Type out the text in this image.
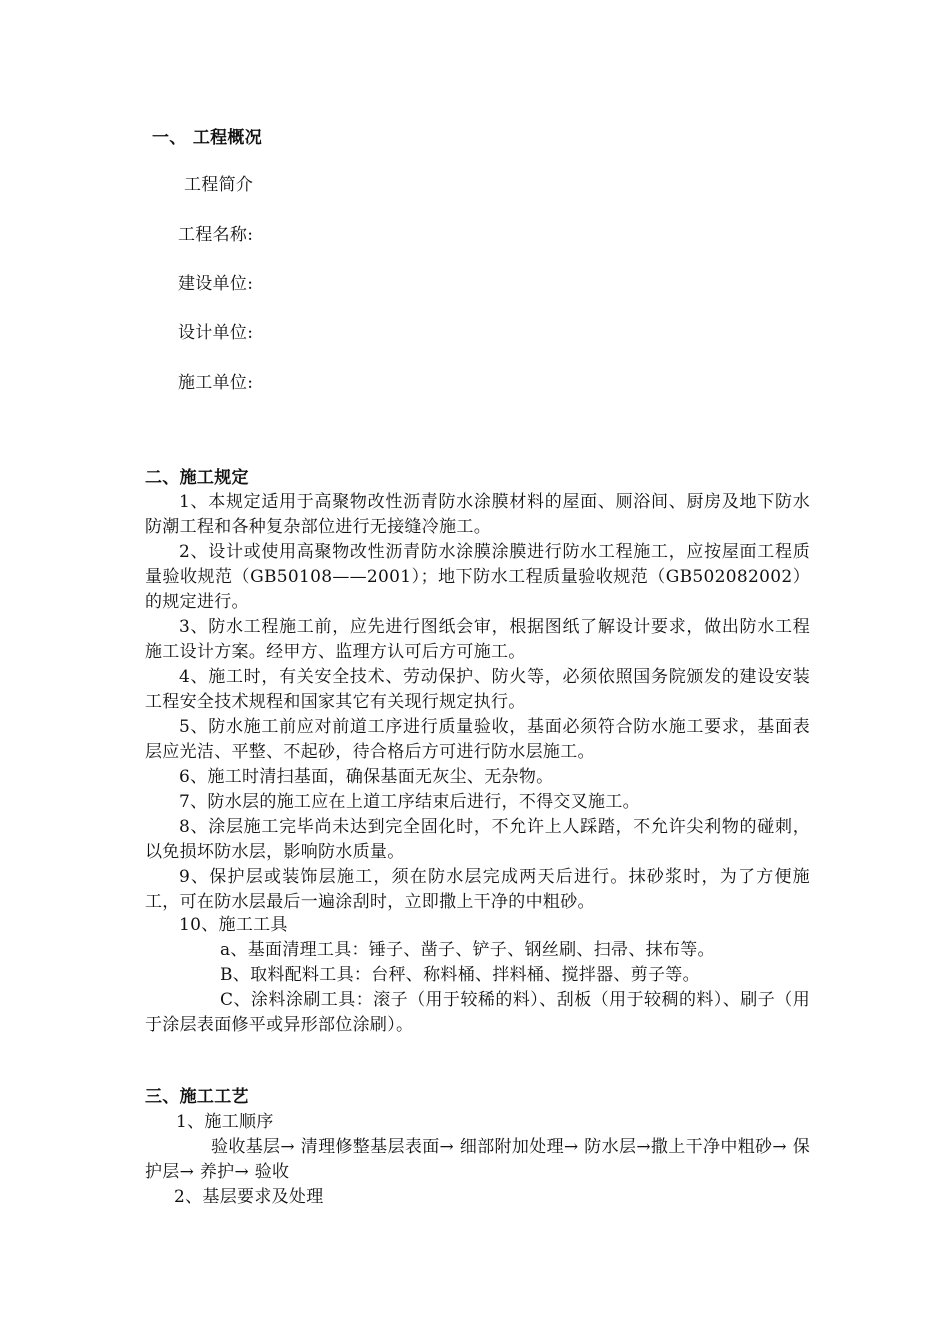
一、 工程概况
工程简介
工程名称:
建设单位:
设计单位:
施工单位:
二、施工规定
1、本规定适用于高聚物改性沥青防水涂膜材料的屋面、厕浴间、厨房及地下防水防潮工程和各种复杂部位进行无接缝冷施工。
2、设计或使用高聚物改性沥青防水涂膜涂膜进行防水工程施工，应按屋面工程质量验收规范（GB50108——2001）；地下防水工程质量验收规范（GB502082002）的规定进行。
3、防水工程施工前，应先进行图纸会审，根据图纸了解设计要求，做出防水工程施工设计方案。经甲方、监理方认可后方可施工。
4、施工时，有关安全技术、劳动保护、防火等，必须依照国务院颁发的建设安装工程安全技术规程和国家其它有关现行规定执行。
5、防水施工前应对前道工序进行质量验收，基面必须符合防水施工要求，基面表层应光洁、平整、不起砂，待合格后方可进行防水层施工。
6、施工时清扫基面，确保基面无灰尘、无杂物。
7、防水层的施工应在上道工序结束后进行，不得交叉施工。
8、涂层施工完毕尚未达到完全固化时，不允许上人踩踏，不允许尖利物的碰刺，以免损坏防水层，影响防水质量。
9、保护层或装饰层施工，须在防水层完成两天后进行。抹砂浆时，为了方便施工，可在防水层最后一遍涂刮时，立即撒上干净的中粗砂。
10、施工工具
a、基面清理工具：锤子、凿子、铲子、钢丝刷、扫帚、抹布等。
B、取料配料工具：台秤、称料桶、拌料桶、搅拌器、剪子等。
C、涂料涂刷工具：滚子（用于较稀的料）、刮板（用于较稠的料）、刷子（用于涂层表面修平或异形部位涂刷）。
三、施工工艺
1、施工顺序
验收基层→ 清理修整基层表面→ 细部附加处理→ 防水层→撒上干净中粗砂→ 保护层→ 养护→ 验收
2、基层要求及处理
